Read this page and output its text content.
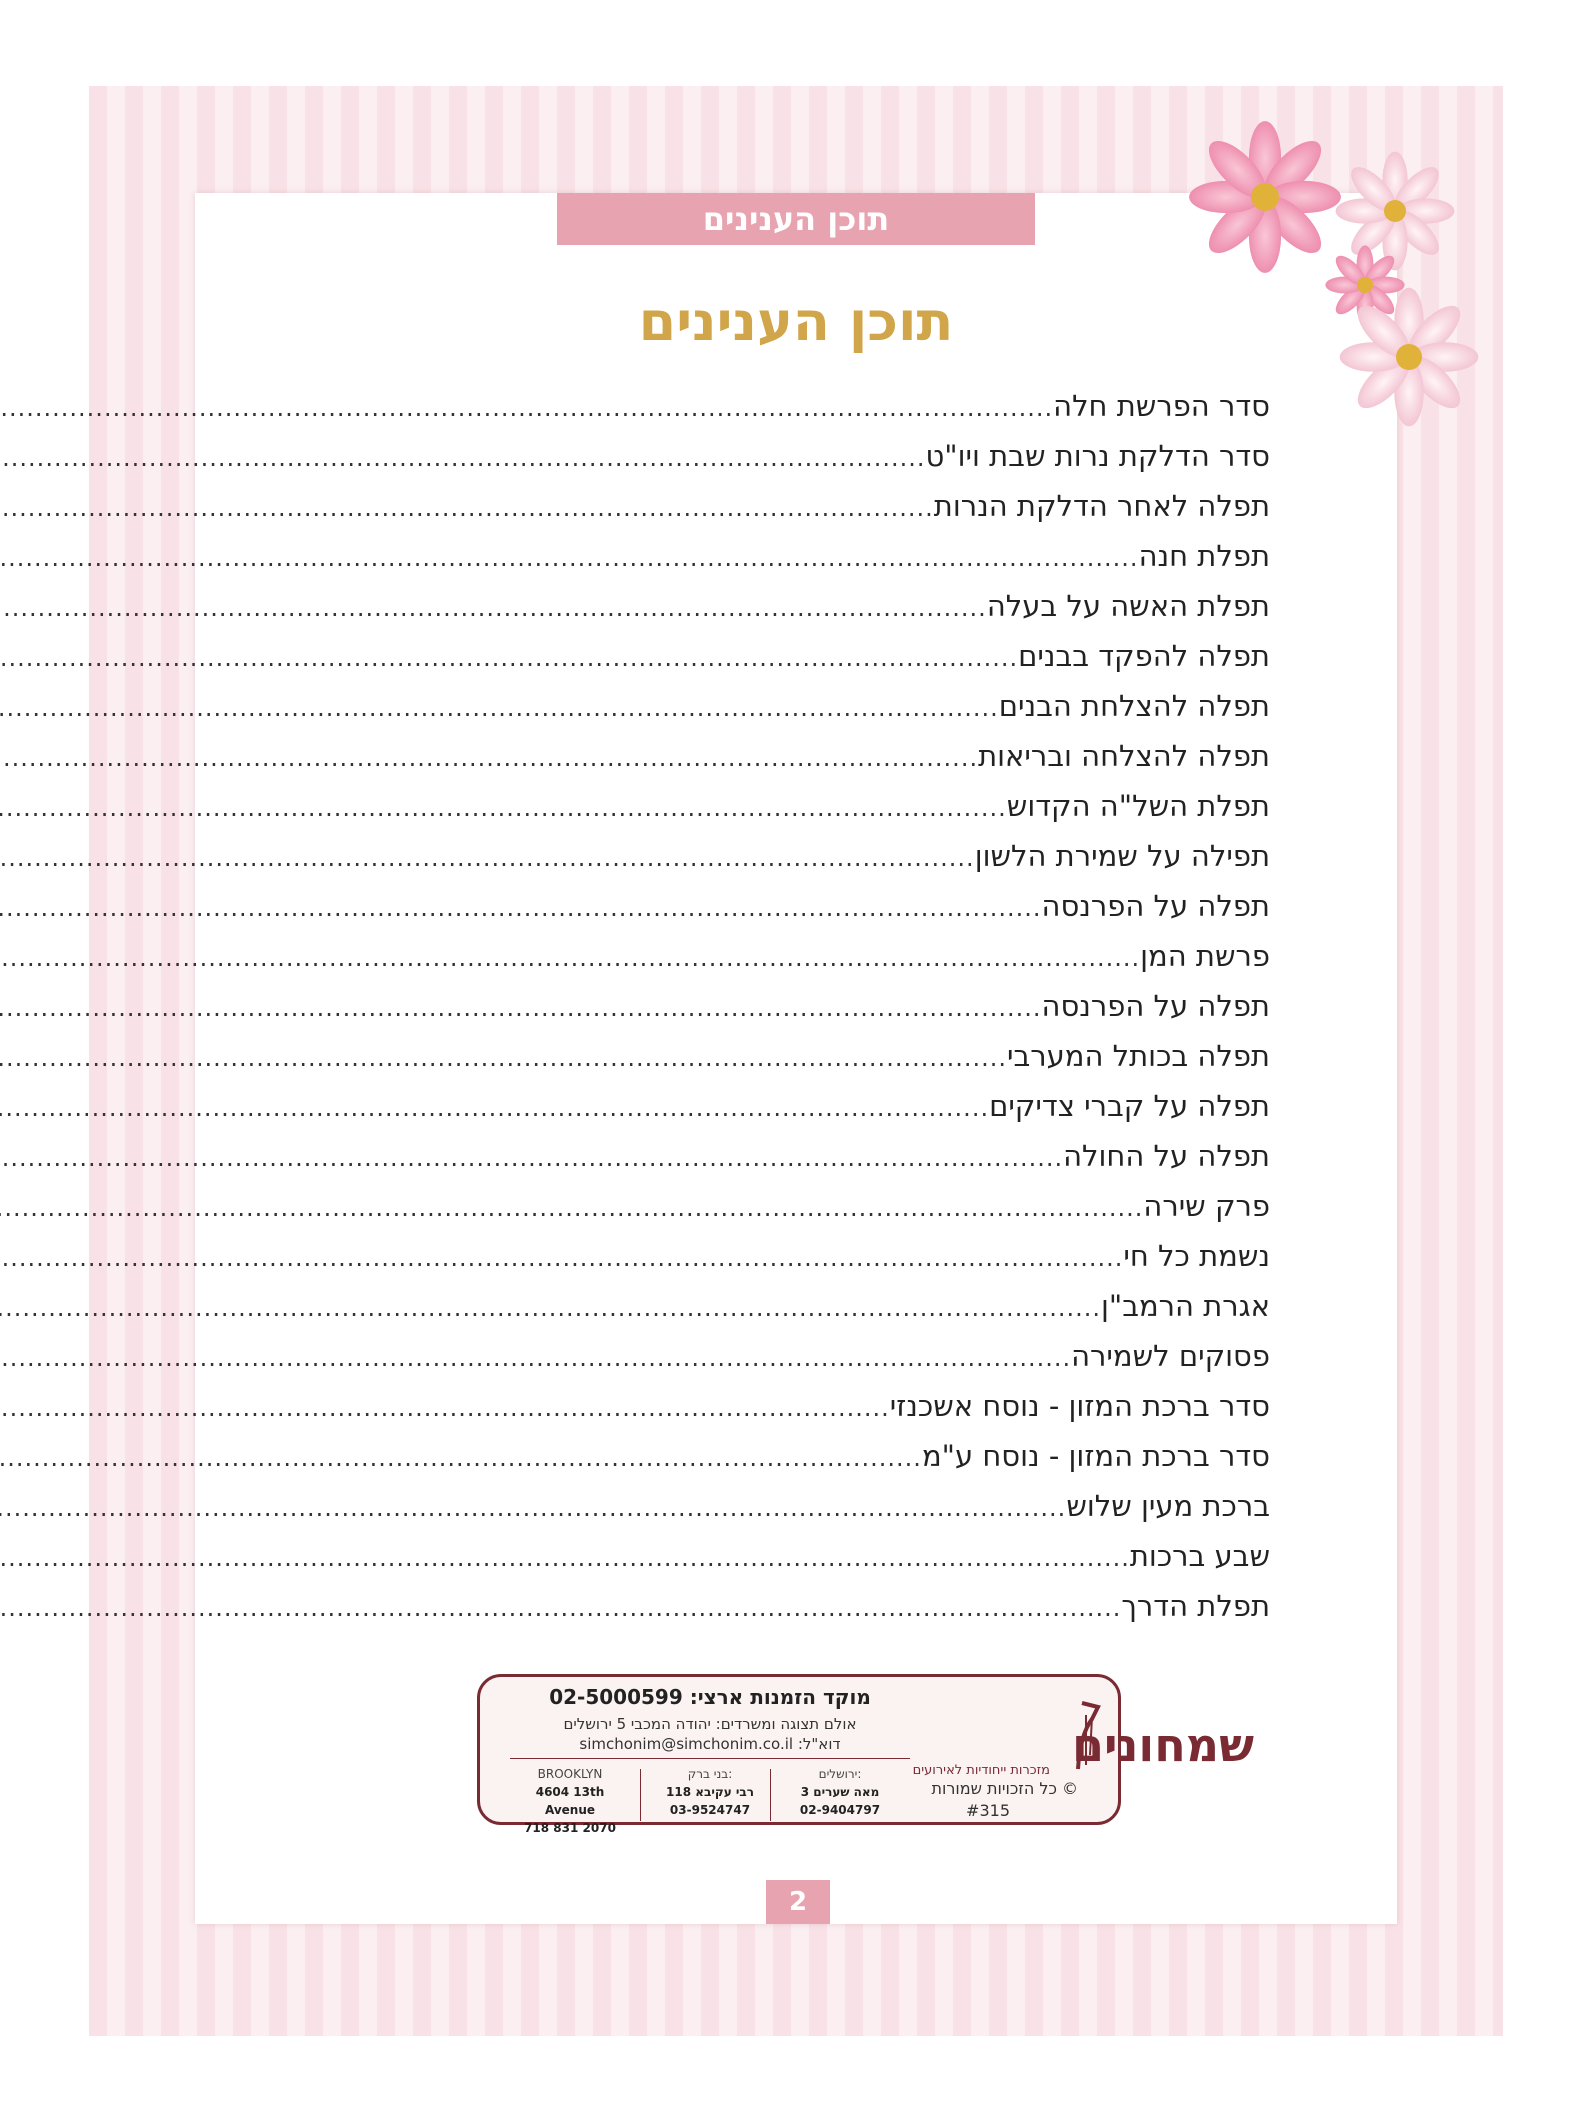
תוכן הענינים
תוכן הענינים
סדר הפרשת חלה
.....
סדר הדלקת נרות שבת ויו"ט
.....
תפלה לאחר הדלקת הנרות
.....
תפלת חנה
.....
תפלת האשה על בעלה
.....
תפלה להפקד בבנים
.....
תפלה להצלחת הבנים
.....
תפלה להצלחה ובריאות
.....
תפלת השל"ה הקדוש
.....
תפילה על שמירת הלשון
.....
תפלה על הפרנסה
.....
פרשת המן
.....
תפלה על הפרנסה
.....
תפלה בכותל המערבי
.....
תפלה על קברי צדיקים
.....
תפלה על החולה
.....
פרק שירה
.....
נשמת כל חי
.....
אגרת הרמב"ן
.....
פסוקים לשמירה
.....
סדר ברכת המזון - נוסח אשכנזי
.....
סדר ברכת המזון - נוסח ע"מ
.....
ברכת מעין שלוש
.....
שבע ברכות
.....
תפלת הדרך
.....
שמחונים
מזכרות ייחודיות לאירועים
© כל הזכויות שמורות
#315
מוקד הזמנות ארצי: 02-5000599
אולם תצוגה ומשרדים: יהודה המכבי 5 ירושלים
דוא"ל: simchonim@simchonim.co.il
ירושלים:
מאה שערים 3
02-9404797
בני ברק:
רבי עקיבא 118
03-9524747
BROOKLYN
4604 13th Avenue
718 831 2070
2
